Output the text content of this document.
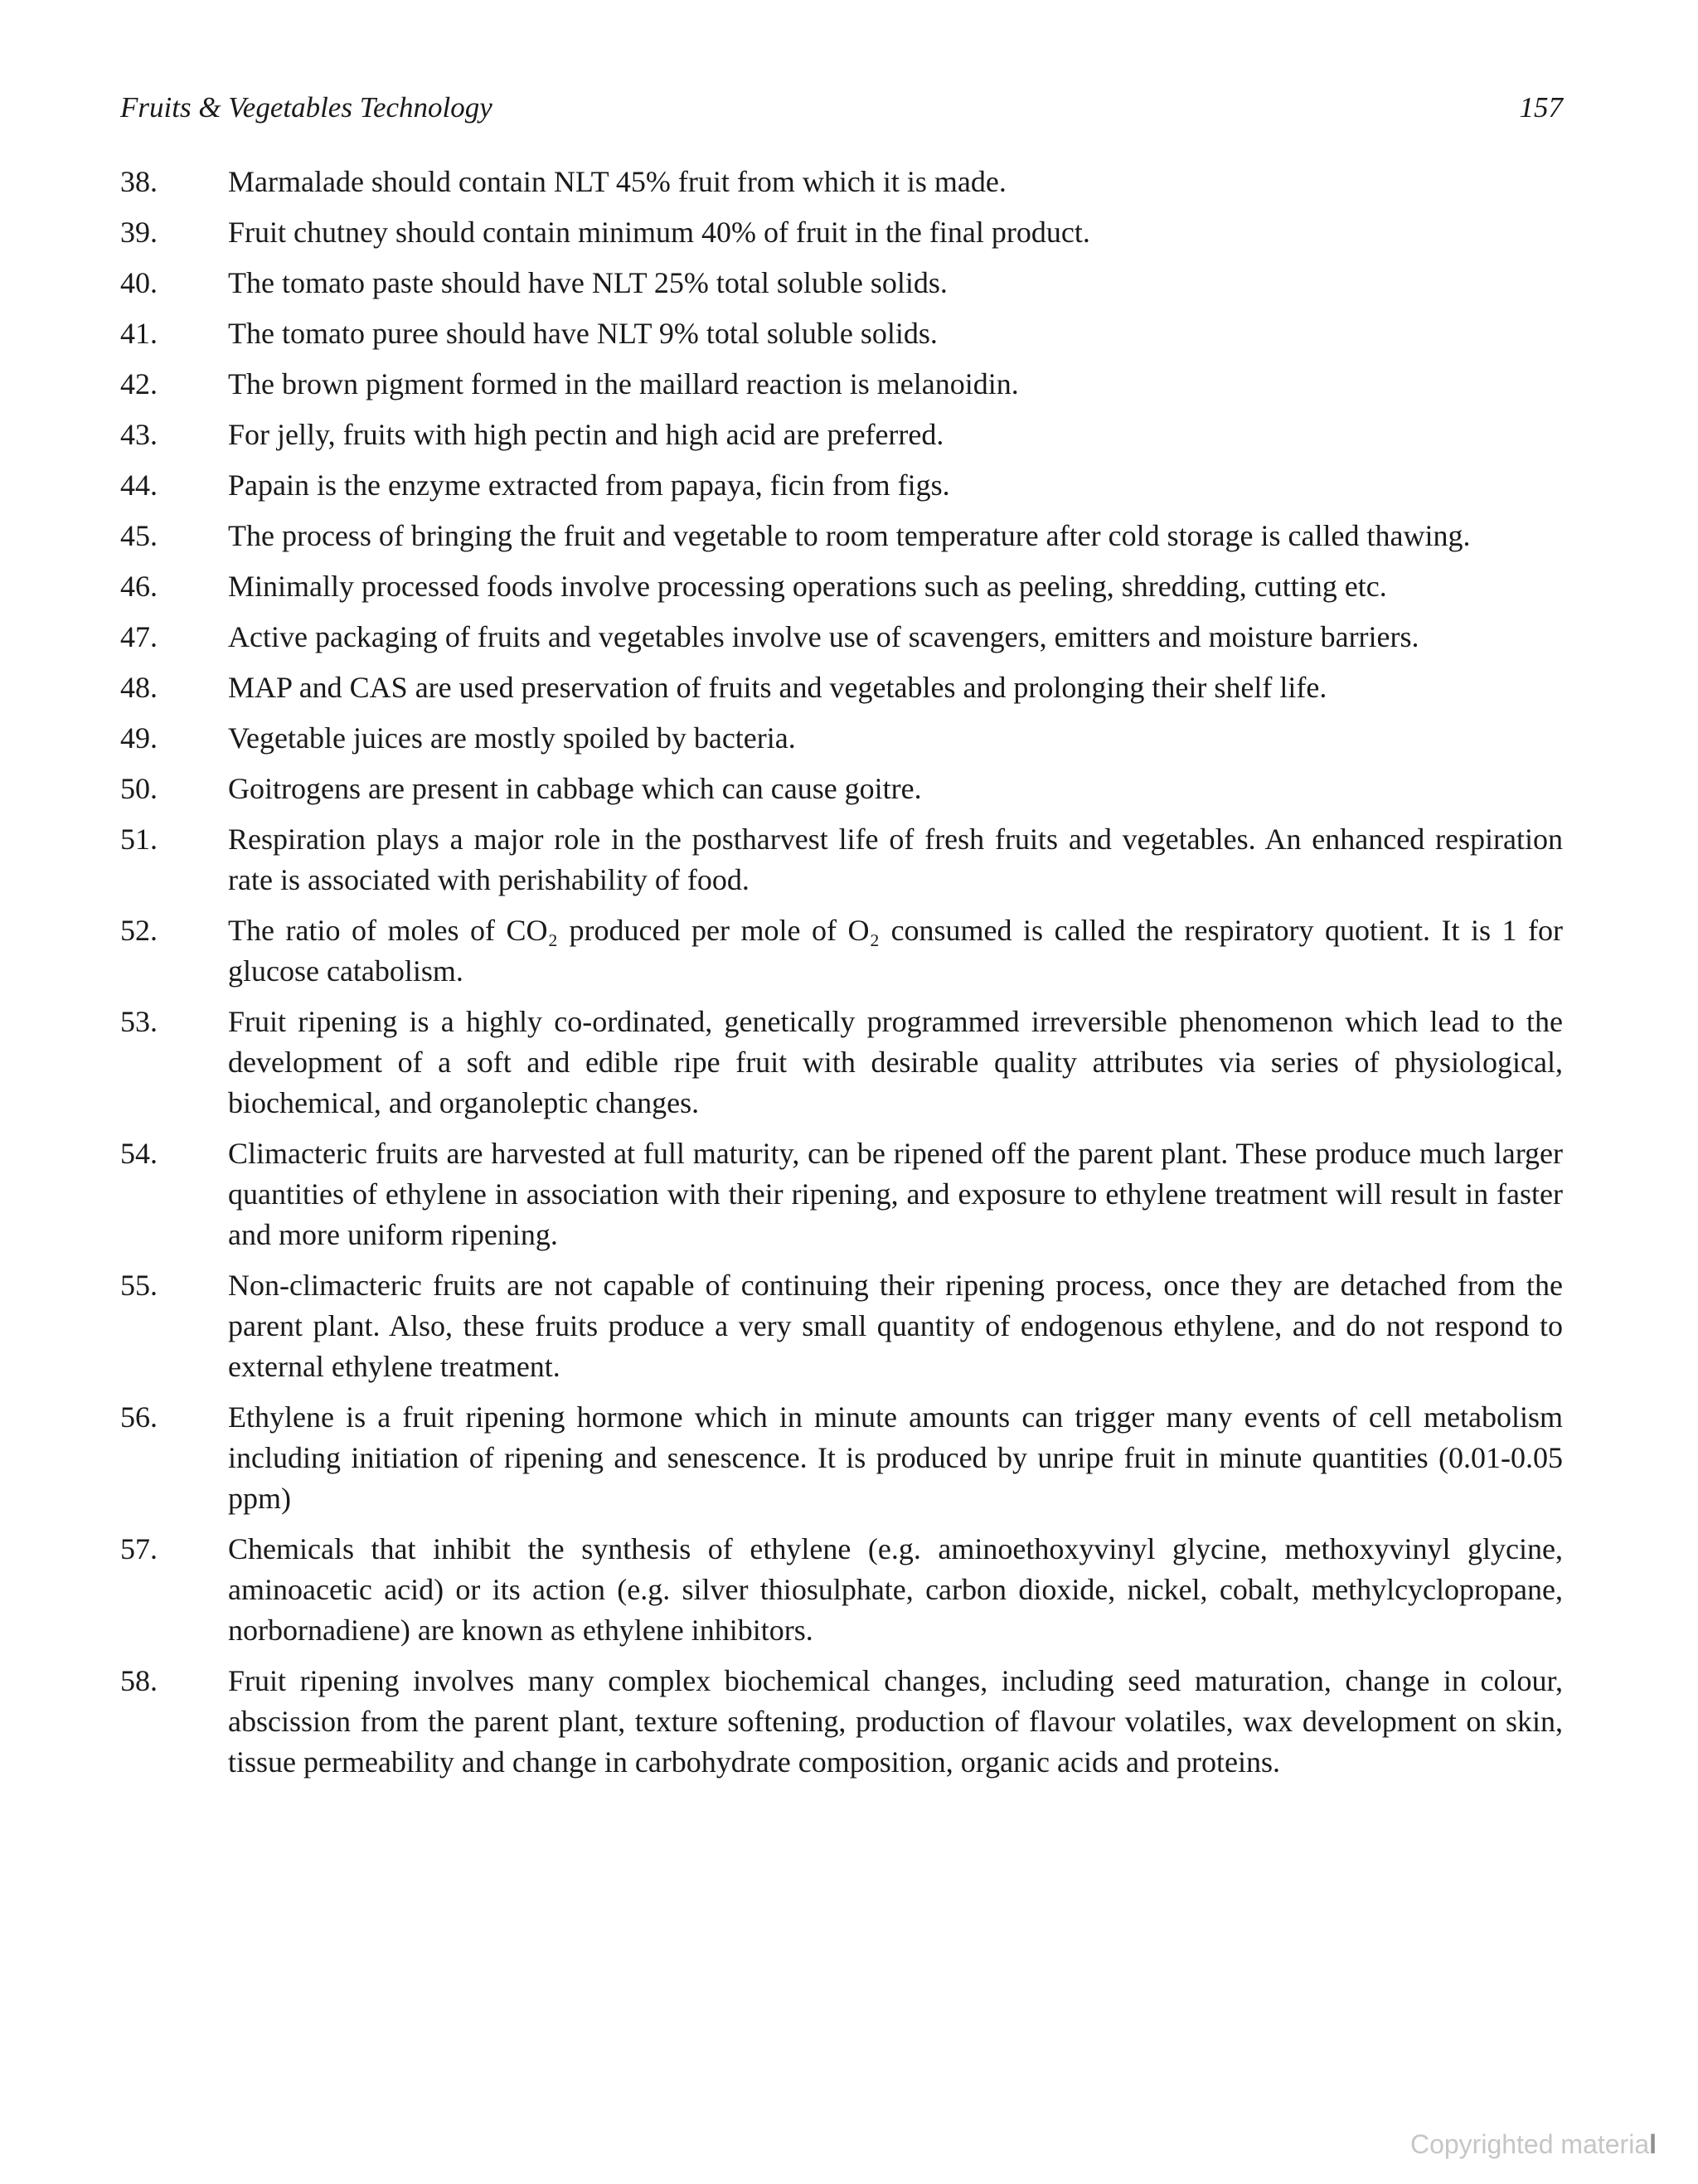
Fruits & Vegetables Technology	157
38.	Marmalade should contain NLT 45% fruit from which it is made.
39.	Fruit chutney should contain minimum 40% of fruit in the final product.
40.	The tomato paste should have NLT 25% total soluble solids.
41.	The tomato puree should have NLT 9% total soluble solids.
42.	The brown pigment formed in the maillard reaction is melanoidin.
43.	For jelly, fruits with high pectin and high acid are preferred.
44.	Papain is the enzyme extracted from papaya, ficin from figs.
45.	The process of bringing the fruit and vegetable to room temperature after cold storage is called thawing.
46.	Minimally processed foods involve processing operations such as peeling, shredding, cutting etc.
47.	Active packaging of fruits and vegetables involve use of scavengers, emitters and moisture barriers.
48.	MAP and CAS are used preservation of fruits and vegetables and prolonging their shelf life.
49.	Vegetable juices are mostly spoiled by bacteria.
50.	Goitrogens are present in cabbage which can cause goitre.
51.	Respiration plays a major role in the postharvest life of fresh fruits and vegetables. An enhanced respiration rate is associated with perishability of food.
52.	The ratio of moles of CO₂ produced per mole of O₂ consumed is called the respiratory quotient. It is 1 for glucose catabolism.
53.	Fruit ripening is a highly co-ordinated, genetically programmed irreversible phenomenon which lead to the development of a soft and edible ripe fruit with desirable quality attributes via series of physiological, biochemical, and organoleptic changes.
54.	Climacteric fruits are harvested at full maturity, can be ripened off the parent plant. These produce much larger quantities of ethylene in association with their ripening, and exposure to ethylene treatment will result in faster and more uniform ripening.
55.	Non-climacteric fruits are not capable of continuing their ripening process, once they are detached from the parent plant. Also, these fruits produce a very small quantity of endogenous ethylene, and do not respond to external ethylene treatment.
56.	Ethylene is a fruit ripening hormone which in minute amounts can trigger many events of cell metabolism including initiation of ripening and senescence. It is produced by unripe fruit in minute quantities (0.01-0.05 ppm)
57.	Chemicals that inhibit the synthesis of ethylene (e.g. aminoethoxyvinyl glycine, methoxyvinyl glycine, aminoacetic acid) or its action (e.g. silver thiosulphate, carbon dioxide, nickel, cobalt, methylcyclopropane, norbornadiene) are known as ethylene inhibitors.
58.	Fruit ripening involves many complex biochemical changes, including seed maturation, change in colour, abscission from the parent plant, texture softening, production of flavour volatiles, wax development on skin, tissue permeability and change in carbohydrate composition, organic acids and proteins.
Copyrighted material
